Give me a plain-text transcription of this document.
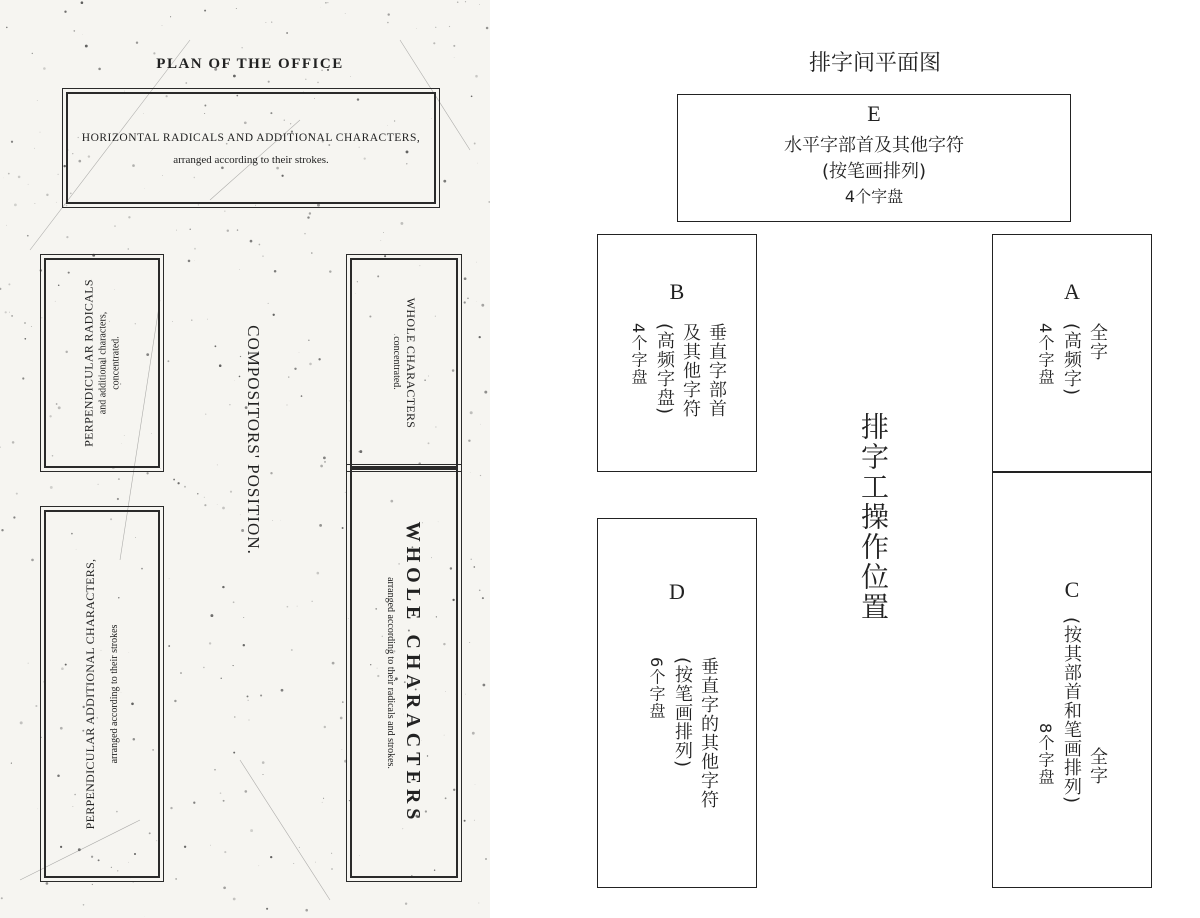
PLAN OF THE OFFICE
HORIZONTAL RADICALS AND ADDITIONAL CHARACTERS,
arranged according to their strokes.
PERPENDICULAR RADICALS and additional characters, concentrated.	COMPOSITORS' POSITION.	WHOLE CHARACTERS
concentrated.
PERPENDICULAR ADDITIONAL CHARACTERS, arranged according to their strokes	WHOLE CHARACTERS
arranged according to their radicals and strokes.
排字间平面图
E
水平字部首及其他字符
(按笔画排列)
4个字盘
B
垂直字部首
及其他字符
(高频字盘)
4个字盘
A
全字
(高频字)
4个字盘
排字工操作位置
D
垂直字的其他字符
(按笔画排列)
6个字盘
C
全字
(按其部首和笔画排列)
8个字盘
